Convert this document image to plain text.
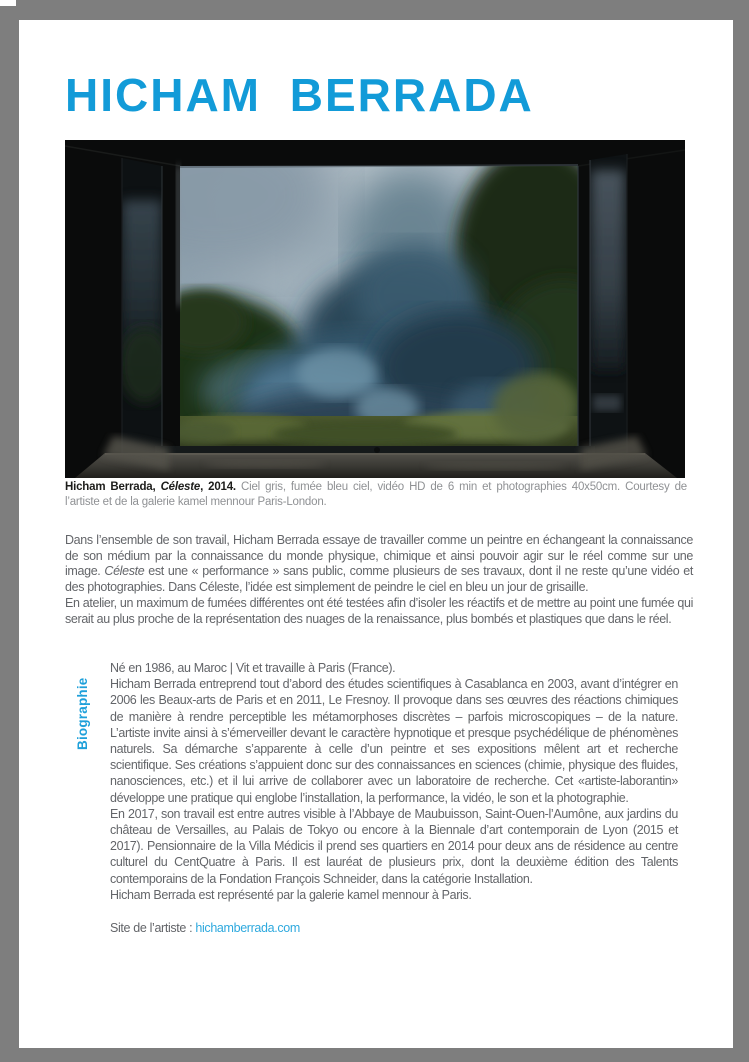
HICHAM BERRADA

Hicham Berrada, Céleste, 2014. Ciel gris, fumée bleu ciel, vidéo HD de 6 min et photographies 40x50cm. Courtesy de l’artiste et de la galerie kamel mennour Paris-London.

Dans l’ensemble de son travail, Hicham Berrada essaye de travailler comme un peintre en échangeant la connaissance de son médium par la connaissance du monde physique, chimique et ainsi pouvoir agir sur le réel comme sur une image. Céleste est une « performance » sans public, comme plusieurs de ses travaux, dont il ne reste qu’une vidéo et des photographies. Dans Céleste, l’idée est simplement de peindre le ciel en bleu un jour de grisaille.

En atelier, un maximum de fumées différentes ont été testées afin d’isoler les réactifs et de mettre au point une fumée qui serait au plus proche de la représentation des nuages de la renaissance, plus bombés et plastiques que dans le réel.

Biographie

Né en 1986, au Maroc | Vit et travaille à Paris (France).

Hicham Berrada entreprend tout d’abord des études scientifiques à Casablanca en 2003, avant d’intégrer en 2006 les Beaux-arts de Paris et en 2011, Le Fresnoy. Il provoque dans ses œuvres des réactions chimiques de manière à rendre perceptible les métamorphoses discrètes – parfois microscopiques – de la nature. L’artiste invite ainsi à s’émerveiller devant le caractère hypnotique et presque psychédélique de phénomènes naturels. Sa démarche s’apparente à celle d’un peintre et ses expositions mêlent art et recherche scientifique. Ses créations s’appuient donc sur des connaissances en sciences (chimie, physique des fluides, nanosciences, etc.) et il lui arrive de collaborer avec un laboratoire de recherche. Cet «artiste-laborantin» développe une pratique qui englobe l’installation, la performance, la vidéo, le son et la photographie.

En 2017, son travail est entre autres visible à l’Abbaye de Maubuisson, Saint-Ouen-l’Aumône, aux jardins du château de Versailles, au Palais de Tokyo ou encore à la Biennale d’art contemporain de Lyon (2015 et 2017). Pensionnaire de la Villa Médicis il prend ses quartiers en 2014 pour deux ans de résidence au centre culturel du CentQuatre à Paris. Il est lauréat de plusieurs prix, dont la deuxième édition des Talents contemporains de la Fondation François Schneider, dans la catégorie Installation.

Hicham Berrada est représenté par la galerie kamel mennour à Paris.

Site de l’artiste : hichamberrada.com
